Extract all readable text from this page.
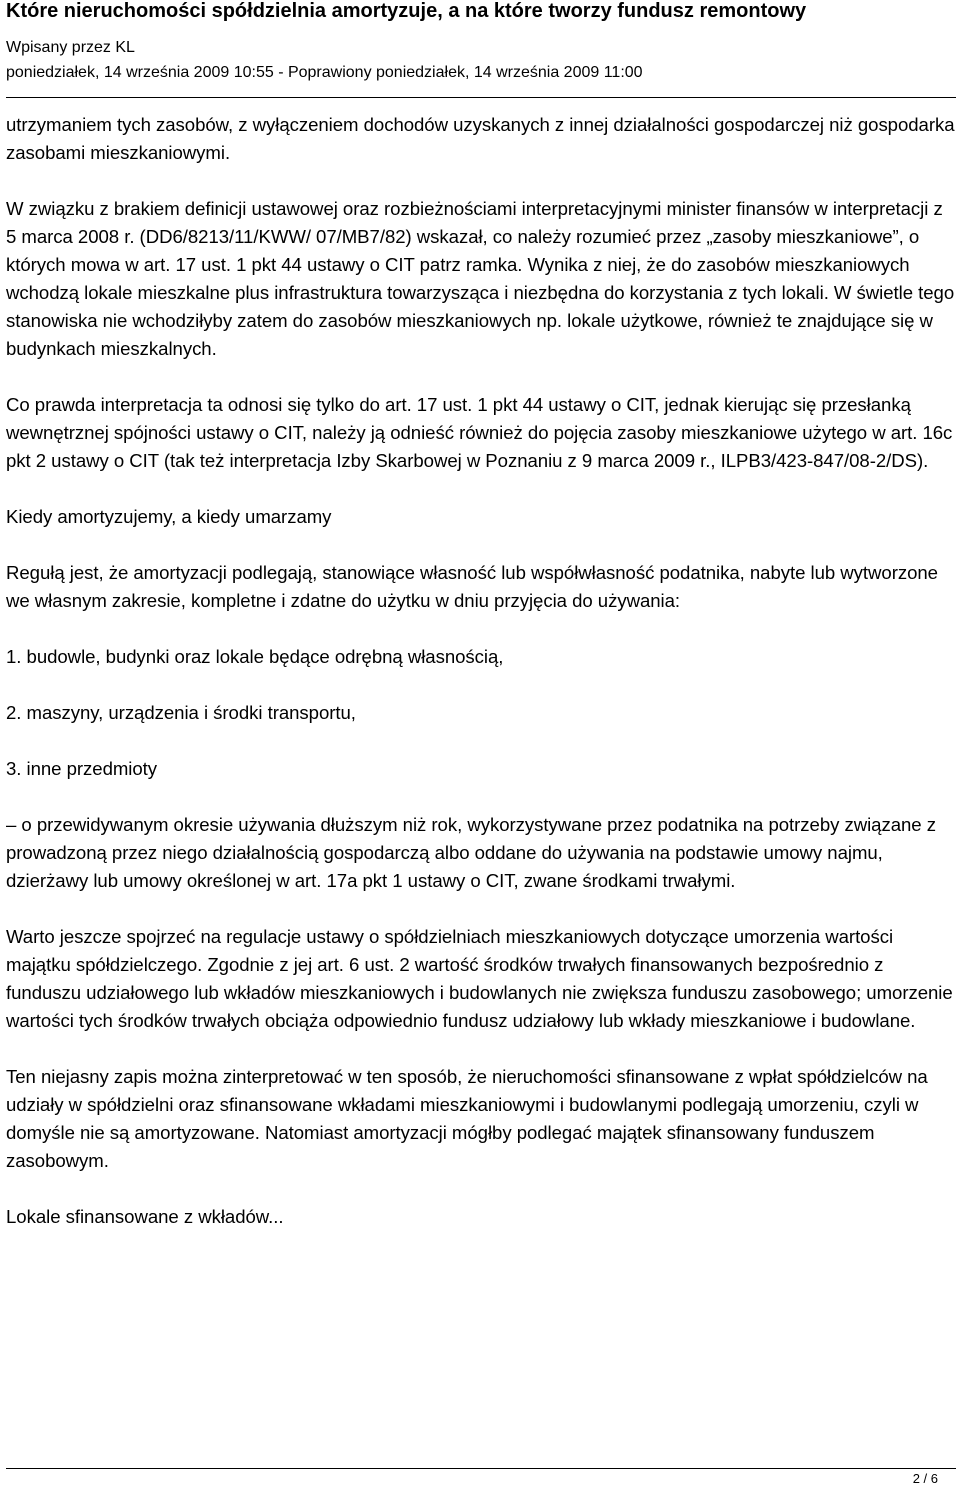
Które nieruchomości spółdzielnia amortyzuje, a na które tworzy fundusz remontowy
Wpisany przez KL
poniedziałek, 14 września 2009 10:55 - Poprawiony poniedziałek, 14 września 2009 11:00

utrzymaniem tych zasobów, z wyłączeniem dochodów uzyskanych z innej działalności gospodarczej niż gospodarka zasobami mieszkaniowymi.

W związku z brakiem definicji ustawowej oraz rozbieżnościami interpretacyjnymi minister finansów w interpretacji z 5 marca 2008 r. (DD6/8213/11/KWW/ 07/MB7/82) wskazał, co należy rozumieć przez „zasoby mieszkaniowe”, o których mowa w art. 17 ust. 1 pkt 44 ustawy o CIT patrz ramka. Wynika z niej, że do zasobów mieszkaniowych wchodzą lokale mieszkalne plus infrastruktura towarzysząca i niezbędna do korzystania z tych lokali. W świetle tego stanowiska nie wchodziłyby zatem do zasobów mieszkaniowych np. lokale użytkowe, również te znajdujące się w budynkach mieszkalnych.

Co prawda interpretacja ta odnosi się tylko do art. 17 ust. 1 pkt 44 ustawy o CIT, jednak kierując się przesłanką wewnętrznej spójności ustawy o CIT, należy ją odnieść również do pojęcia zasoby mieszkaniowe użytego w art. 16c pkt 2 ustawy o CIT (tak też interpretacja Izby Skarbowej w Poznaniu z 9 marca 2009 r., ILPB3/423-847/08-2/DS).

Kiedy amortyzujemy, a kiedy umarzamy

Regułą jest, że amortyzacji podlegają, stanowiące własność lub współwłasność podatnika, nabyte lub wytworzone we własnym zakresie, kompletne i zdatne do użytku w dniu przyjęcia do używania:

1. budowle, budynki oraz lokale będące odrębną własnością,

2. maszyny, urządzenia i środki transportu,

3. inne przedmioty

– o przewidywanym okresie używania dłuższym niż rok, wykorzystywane przez podatnika na potrzeby związane z prowadzoną przez niego działalnością gospodarczą albo oddane do używania na podstawie umowy najmu, dzierżawy lub umowy określonej w art. 17a pkt 1 ustawy o CIT, zwane środkami trwałymi.

Warto jeszcze spojrzeć na regulacje ustawy o spółdzielniach mieszkaniowych dotyczące umorzenia wartości majątku spółdzielczego. Zgodnie z jej art. 6 ust. 2 wartość środków trwałych finansowanych bezpośrednio z funduszu udziałowego lub wkładów mieszkaniowych i budowlanych nie zwiększa funduszu zasobowego; umorzenie wartości tych środków trwałych obciąża odpowiednio fundusz udziałowy lub wkłady mieszkaniowe i budowlane.

Ten niejasny zapis można zinterpretować w ten sposób, że nieruchomości sfinansowane z wpłat spółdzielców na udziały w spółdzielni oraz sfinansowane wkładami mieszkaniowymi i budowlanymi podlegają umorzeniu, czyli w domyśle nie są amortyzowane. Natomiast amortyzacji mógłby podlegać majątek sfinansowany funduszem zasobowym.

Lokale sfinansowane z wkładów...

2 / 6
